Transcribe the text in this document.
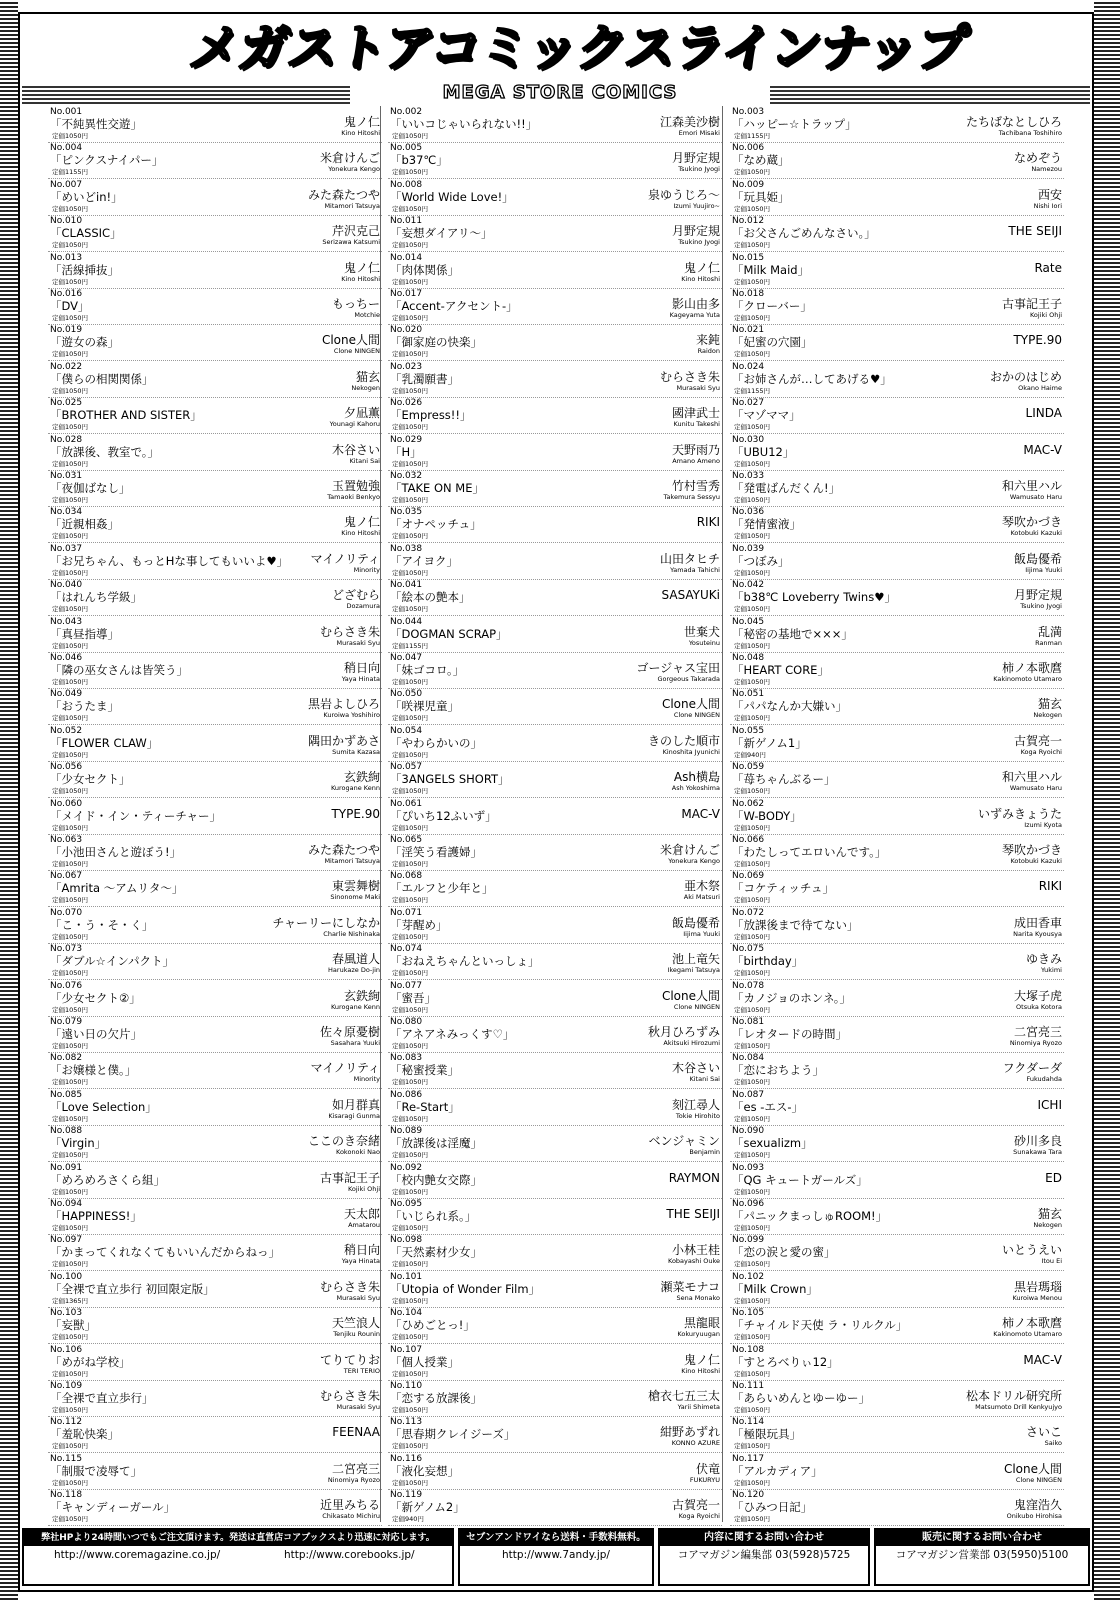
メガストアコミックスラインナップ
MEGA STORE COMICS
No.001
「不純異性交遊」
定価1050円
鬼ノ仁
Kino Hitoshi
No.004
「ピンクスナイパー」
定価1155円
米倉けんご
Yonekura Kengo
No.007
「めいどin!」
定価1050円
みた森たつや
Mitamori Tatsuya
No.010
「CLASSIC」
定価1050円
芹沢克己
Serizawa Katsumi
No.013
「活線挿抜」
定価1050円
鬼ノ仁
Kino Hitoshi
No.016
「DV」
定価1050円
もっちー
Motchie
No.019
「遊女の森」
定価1050円
Clone人間
Clone NINGEN
No.022
「僕らの相関関係」
定価1050円
猫玄
Nekogen
No.025
「BROTHER AND SISTER」
定価1050円
夕凪薫
Younagi Kahoru
No.028
「放課後、教室で。」
定価1050円
木谷さい
Kitani Sai
No.031
「夜伽ばなし」
定価1050円
玉置勉強
Tamaoki Benkyo
No.034
「近親相姦」
定価1050円
鬼ノ仁
Kino Hitoshi
No.037
「お兄ちゃん、もっとHな事してもいいよ♥」
定価1050円
マイノリティ
Minority
No.040
「はれんち学級」
定価1050円
どざむら
Dozamura
No.043
「真昼指導」
定価1050円
むらさき朱
Murasaki Syu
No.046
「隣の巫女さんは皆笑う」
定価1050円
稍日向
Yaya Hinata
No.049
「おうたま」
定価1050円
黒岩よしひろ
Kuroiwa Yoshihiro
No.052
「FLOWER CLAW」
定価1050円
隅田かずあさ
Sumita Kazasa
No.056
「少女セクト」
定価1050円
玄鉄絢
Kurogane Kenn
No.060
「メイド・イン・ティーチャー」
定価1050円
TYPE.90
No.063
「小池田さんと遊ぼう!」
定価1050円
みた森たつや
Mitamori Tatsuya
No.067
「Amrita ～アムリタ～」
定価1050円
東雲舞樹
Sinonome Maki
No.070
「こ・う・そ・く」
定価1050円
チャーリーにしなか
Charlie Nishinaka
No.073
「ダブル☆インパクト」
定価1050円
春風道人
Harukaze Do-jin
No.076
「少女セクト②」
定価1050円
玄鉄絢
Kurogane Kenn
No.079
「遠い日の欠片」
定価1050円
佐々原憂樹
Sasahara Yuuki
No.082
「お嬢様と僕。」
定価1050円
マイノリティ
Minority
No.085
「Love Selection」
定価1050円
如月群真
Kisaragi Gunma
No.088
「Virgin」
定価1050円
ここのき奈緒
Kokonoki Nao
No.091
「めろめろさくら組」
定価1050円
古事記王子
Kojiki Ohji
No.094
「HAPPINESS!」
定価1050円
天太郎
Amatarou
No.097
「かまってくれなくてもいいんだからねっ」
定価1050円
稍日向
Yaya Hinata
No.100
「全裸で直立歩行 初回限定版」
定価1365円
むらさき朱
Murasaki Syu
No.103
「妄獣」
定価1050円
天竺浪人
Tenjiku Rounin
No.106
「めがね学校」
定価1050円
てりてりお
TERI TERIO
No.109
「全裸で直立歩行」
定価1050円
むらさき朱
Murasaki Syu
No.112
「羞恥快楽」
定価1050円
FEENAA
No.115
「制服で凌辱て」
定価1050円
二宮亮三
Ninomiya Ryozo
No.118
「キャンディーガール」
定価1050円
近里みちる
Chikasato Michiru
No.002
「いいコじゃいられない!!」
定価1050円
江森美沙樹
Emori Misaki
No.005
「b37℃」
定価1050円
月野定規
Tsukino Jyogi
No.008
「World Wide Love!」
定価1050円
泉ゆうじろ～
Izumi Yuujiro~
No.011
「妄想ダイアリ～」
定価1050円
月野定規
Tsukino Jyogi
No.014
「肉体関係」
定価1050円
鬼ノ仁
Kino Hitoshi
No.017
「Accent-アクセント-」
定価1050円
影山由多
Kageyama Yuta
No.020
「御家庭の快楽」
定価1050円
来鈍
Raidon
No.023
「乳濁願書」
定価1050円
むらさき朱
Murasaki Syu
No.026
「Empress!!」
定価1050円
國津武士
Kunitu Takeshi
No.029
「H」
定価1050円
天野雨乃
Amano Ameno
No.032
「TAKE ON ME」
定価1050円
竹村雪秀
Takemura Sessyu
No.035
「オナペッチュ」
定価1050円
RIKI
No.038
「アイヨク」
定価1050円
山田タヒチ
Yamada Tahichi
No.041
「絵本の艶本」
定価1050円
SASAYUKi
No.044
「DOGMAN SCRAP」
定価1155円
世棄犬
Yosuteinu
No.047
「妹ゴコロ。」
定価1050円
ゴージャス宝田
Gorgeous Takarada
No.050
「咲裸児童」
定価1050円
Clone人間
Clone NINGEN
No.054
「やわらかいの」
定価1050円
きのした順市
Kinoshita Jyunichi
No.057
「3ANGELS SHORT」
定価1050円
Ash横島
Ash Yokoshima
No.061
「ぴいち12ふいず」
定価1050円
MAC-V
No.065
「淫笑う看護婦」
定価1050円
米倉けんご
Yonekura Kengo
No.068
「エルフと少年と」
定価1050円
亜木祭
Aki Matsuri
No.071
「芽醒め」
定価1050円
飯島優希
Iijima Yuuki
No.074
「おねえちゃんといっしょ」
定価1050円
池上竜矢
Ikegami Tatsuya
No.077
「蜜吾」
定価1050円
Clone人間
Clone NINGEN
No.080
「アネアネみっくす♡」
定価1050円
秋月ひろずみ
Akitsuki Hirozumi
No.083
「秘蜜授業」
定価1050円
木谷さい
Kitani Sai
No.086
「Re-Start」
定価1050円
刻江尋人
Tokie Hirohito
No.089
「放課後は淫魔」
定価1050円
ベンジャミン
Benjamin
No.092
「校内艶女交際」
定価1050円
RAYMON
No.095
「いじられ系。」
定価1050円
THE SEIJI
No.098
「天然素材少女」
定価1050円
小林王桂
Kobayashi Ouke
No.101
「Utopia of Wonder Film」
定価1050円
瀬菜モナコ
Sena Monako
No.104
「ひめごとっ!」
定価1050円
黒龍眼
Kokuryuugan
No.107
「個人授業」
定価1050円
鬼ノ仁
Kino Hitoshi
No.110
「恋する放課後」
定価1050円
槍衣七五三太
Yarii Shimeta
No.113
「思春期クレイジーズ」
定価1050円
紺野あずれ
KONNO AZURE
No.116
「液化妄想」
定価1050円
伏竜
FUKURYU
No.119
「新ゲノム2」
定価940円
古賀亮一
Koga Ryoichi
No.003
「ハッピー☆トラップ」
定価1155円
たちばなとしひろ
Tachibana Toshihiro
No.006
「なめ蔵」
定価1050円
なめぞう
Namezou
No.009
「玩具姫」
定価1050円
西安
Nishi Iori
No.012
「お父さんごめんなさい。」
定価1050円
THE SEIJI
No.015
「Milk Maid」
定価1050円
Rate
No.018
「クローバー」
定価1050円
古事記王子
Kojiki Ohji
No.021
「妃蜜の穴園」
定価1050円
TYPE.90
No.024
「お姉さんが…してあげる♥」
定価1155円
おかのはじめ
Okano Haime
No.027
「マゾママ」
定価1050円
LINDA
No.030
「UBU12」
定価1050円
MAC-V
No.033
「発電ばんだくん!」
定価1050円
和六里ハル
Wamusato Haru
No.036
「発情蜜液」
定価1050円
琴吹かづき
Kotobuki Kazuki
No.039
「つぼみ」
定価1050円
飯島優希
Iijima Yuuki
No.042
「b38℃ Loveberry Twins♥」
定価1050円
月野定規
Tsukino Jyogi
No.045
「秘密の基地で×××」
定価1050円
乱満
Ranman
No.048
「HEART CORE」
定価1050円
柿ノ本歌麿
Kakinomoto Utamaro
No.051
「パパなんか大嫌い」
定価1050円
猫玄
Nekogen
No.055
「新ゲノム1」
定価940円
古賀亮一
Koga Ryoichi
No.059
「苺ちゃんぶるー」
定価1050円
和六里ハル
Wamusato Haru
No.062
「W-BODY」
定価1050円
いずみきょうた
Izumi Kyota
No.066
「わたしってエロいんです。」
定価1050円
琴吹かづき
Kotobuki Kazuki
No.069
「コケティッチュ」
定価1050円
RIKI
No.072
「放課後まで待てない」
定価1050円
成田香車
Narita Kyousya
No.075
「birthday」
定価1050円
ゆきみ
Yukimi
No.078
「カノジョのホンネ。」
定価1050円
大塚子虎
Otsuka Kotora
No.081
「レオタードの時間」
定価1050円
二宮亮三
Ninomiya Ryozo
No.084
「恋におちよう」
定価1050円
フクダーダ
Fukudahda
No.087
「es -エス-」
定価1050円
ICHI
No.090
「sexualizm」
定価1050円
砂川多良
Sunakawa Tara
No.093
「QG キュートガールズ」
定価1050円
ED
No.096
「パニックまっしゅROOM!」
定価1050円
猫玄
Nekogen
No.099
「恋の涙と愛の蜜」
定価1050円
いとうえい
Itou Ei
No.102
「Milk Crown」
定価1050円
黒岩瑪瑙
Kuroiwa Menou
No.105
「チャイルド天使 ラ・リルクル」
定価1050円
柿ノ本歌麿
Kakinomoto Utamaro
No.108
「すとろべりぃ12」
定価1050円
MAC-V
No.111
「あらいめんとゆーゆー」
定価1050円
松本ドリル研究所
Matsumoto Drill Kenkyujyo
No.114
「極限玩具」
定価1050円
さいこ
Saiko
No.117
「アルカディア」
定価1050円
Clone人間
Clone NINGEN
No.120
「ひみつ日記」
定価1050円
鬼窪浩久
Onikubo Hirohisa
弊社HPより24時間いつでもご注文頂けます。発送は直営店コアブックスより迅速に対応します。
http://www.coremagazine.co.jp/	http://www.corebooks.jp/
セブンアンドワイなら送料・手数料無料。
http://www.7andy.jp/
内容に関するお問い合わせ
コアマガジン編集部 03(5928)5725
販売に関するお問い合わせ
コアマガジン営業部 03(5950)5100
